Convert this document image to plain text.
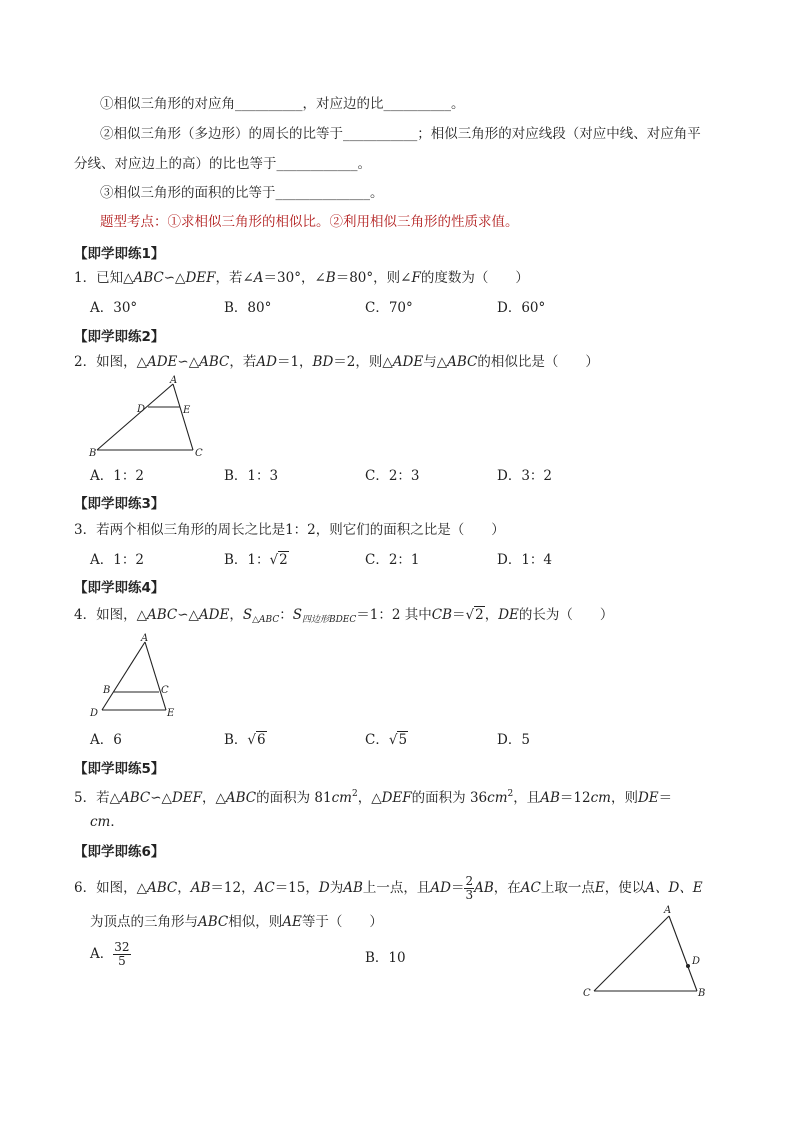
①相似三角形的对应角__________，对应边的比__________。
②相似三角形（多边形）的周长的比等于___________；相似三角形的对应线段（对应中线、对应角平
分线、对应边上的高）的比也等于____________。
③相似三角形的面积的比等于______________。
题型考点：①求相似三角形的相似比。②利用相似三角形的性质求值。
【即学即练1】
1．已知△ABC∽△DEF，若∠A＝30°，∠B＝80°，则∠F的度数为（　　）
A．30°	B．80°	C．70°	D．60°
【即学即练2】
2．如图，△ADE∽△ABC，若AD＝1，BD＝2，则△ADE与△ABC的相似比是（　　）
A
D	E
B	C
A．1：2	B．1：3	C．2：3	D．3：2
【即学即练3】
3．若两个相似三角形的周长之比是1：2，则它们的面积之比是（　　）
A．1：2	B．1：√2	C．2：1	D．1：4
【即学即练4】
4．如图，△ABC∽△ADE，$S_{\triangle ABC}$：$S_{四边形BDEC}=1$：2 其中CB＝√2，DE的长为（　　）
A
B	C
D	E
A．6	B．√6	C．√5	D．5
【即学即练5】
5．若△ABC∽△DEF，△ABC的面积为 $81cm^2$，△DEF的面积为 $36cm^2$，且AB＝12cm，则DE＝
cm．
【即学即练6】
6．如图，△ABC，AB＝12，AC＝15，D为AB上一点，且$AD= \frac{2}{3}$ AB，在AC上取一点E，使以A、D、E
为顶点的三角形与ABC相似，则AE等于（　　）
A． $\frac{32}{5}$	B．10
A
D
C	B
